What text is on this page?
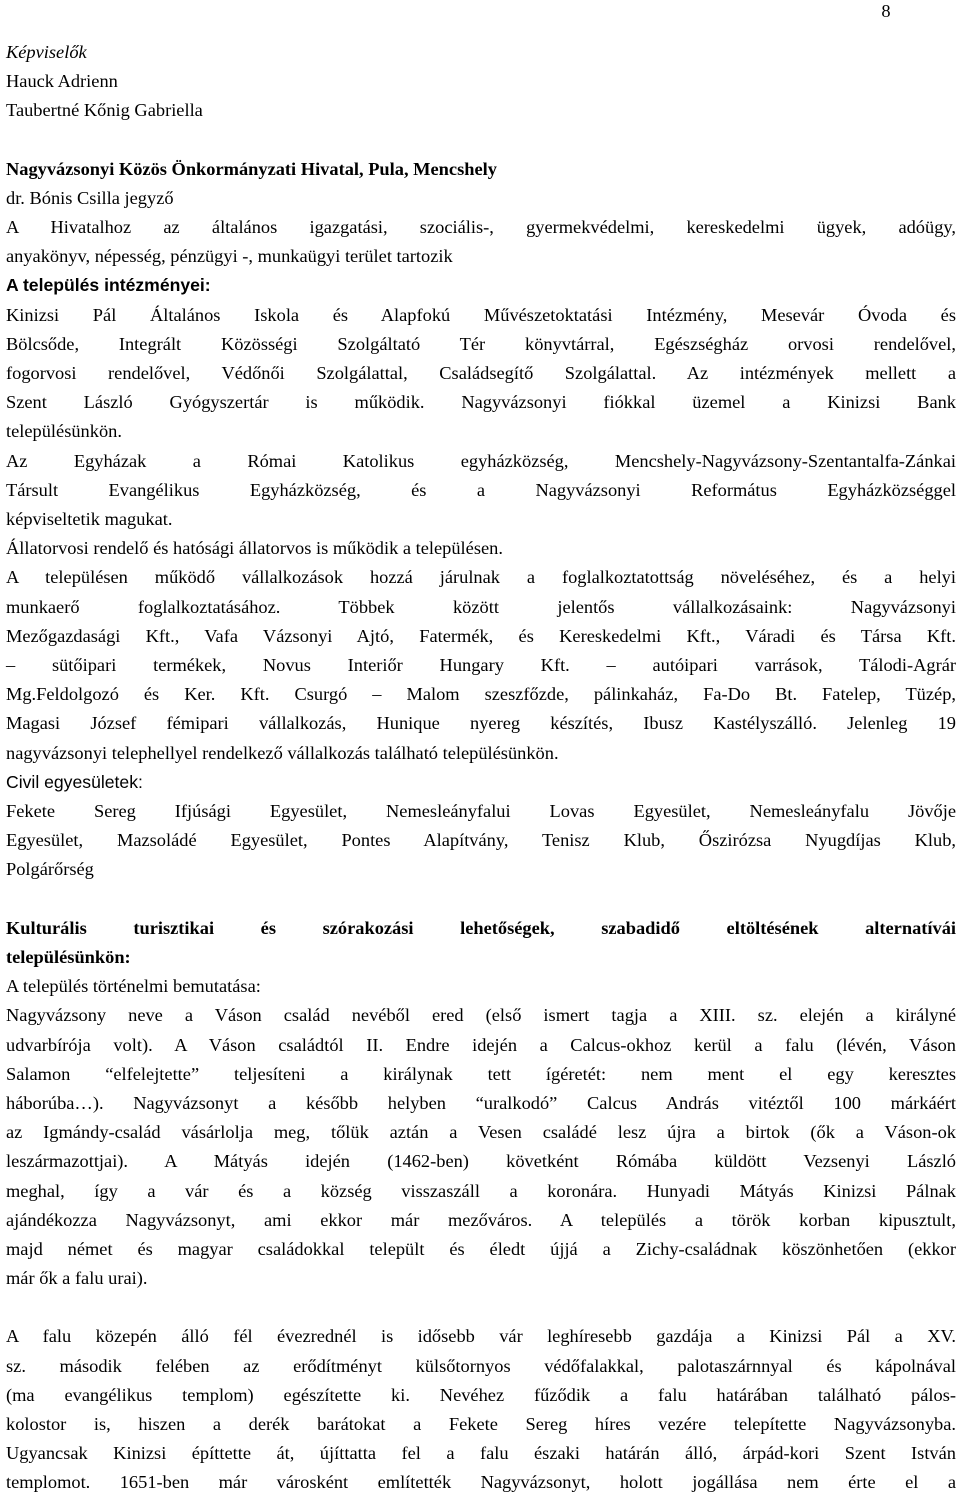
8
Képviselők
Hauck Adrienn
Taubertné Kőnig Gabriella
Nagyvázsonyi Közös Önkormányzati Hivatal, Pula, Mencshely
dr. Bónis Csilla jegyző
A Hivatalhoz az általános igazgatási, szociális-, gyermekvédelmi, kereskedelmi ügyek, adóügy,
anyakönyv, népesség, pénzügyi -, munkaügyi terület tartozik
A település intézményei:
Kinizsi Pál Általános Iskola és Alapfokú Művészetoktatási Intézmény, Mesevár Óvoda és
Bölcsőde, Integrált Közösségi Szolgáltató Tér könyvtárral, Egészségház orvosi rendelővel,
fogorvosi rendelővel, Védőnői Szolgálattal, Családsegítő Szolgálattal. Az intézmények mellett a
Szent László Gyógyszertár is működik. Nagyvázsonyi fiókkal üzemel a Kinizsi Bank
településünkön.
Az Egyházak a Római Katolikus egyházközség, Mencshely-Nagyvázsony-Szentantalfa-Zánkai
Társult Evangélikus Egyházközség, és a Nagyvázsonyi Református Egyházközséggel
képviseltetik magukat.
Állatorvosi rendelő és hatósági állatorvos is működik a településen.
A településen működő vállalkozások hozzá járulnak a foglalkoztatottság növeléséhez, és a helyi
munkaerő foglalkoztatásához. Többek között jelentős vállalkozásaink: Nagyvázsonyi
Mezőgazdasági Kft., Vafa Vázsonyi Ajtó, Fatermék, és Kereskedelmi Kft., Váradi és Társa Kft.
– sütőipari termékek, Novus Interiőr Hungary Kft. – autóipari varrások, Tálodi-Agrár
Mg.Feldolgozó és Ker. Kft. Csurgó – Malom szeszfőzde, pálinkaház, Fa-Do Bt. Fatelep, Tüzép,
Magasi József fémipari vállalkozás, Hunique nyereg készítés, Ibusz Kastélyszálló. Jelenleg 19
nagyvázsonyi telephellyel rendelkező vállalkozás található településünkön.
Civil egyesületek:
Fekete Sereg Ifjúsági Egyesület, Nemesleányfalui Lovas Egyesület, Nemesleányfalu Jövője
Egyesület, Mazsoládé Egyesület, Pontes Alapítvány, Tenisz Klub, Őszirózsa Nyugdíjas Klub,
Polgárőrség
Kulturális turisztikai és szórakozási lehetőségek, szabadidő eltöltésének alternatívái
településünkön:
A település történelmi bemutatása:
Nagyvázsony neve a Váson család nevéből ered (első ismert tagja a XIII. sz. elején a királyné
udvarbírója volt). A Váson családtól II. Endre idején a Calcus-okhoz kerül a falu (lévén, Váson
Salamon “elfelejtette” teljesíteni a királynak tett ígéretét: nem ment el egy keresztes
háborúba…). Nagyvázsonyt a később helyben “uralkodó” Calcus András vitéztől 100 márkáért
az Igmándy-család vásárlolja meg, tőlük aztán a Vesen családé lesz újra a birtok (ők a Váson-ok
leszármazottjai). A Mátyás idején (1462-ben) követként Rómába küldött Vezsenyi László
meghal, így a vár és a község visszaszáll a koronára. Hunyadi Mátyás Kinizsi Pálnak
ajándékozza Nagyvázsonyt, ami ekkor már mezőváros. A település a török korban kipusztult,
majd német és magyar családokkal települt és éledt újjá a Zichy-családnak köszönhetően (ekkor
már ők a falu urai).
A falu közepén álló fél évezrednél is idősebb vár leghíresebb gazdája a Kinizsi Pál a XV.
sz. második felében az erődítményt külsőtornyos védőfalakkal, palotaszárnnyal és kápolnával
(ma evangélikus templom) egészítette ki. Nevéhez fűződik a falu határában található pálos-
kolostor is, hiszen a derék barátokat a Fekete Sereg híres vezére telepítette Nagyvázsonyba.
Ugyancsak Kinizsi építtette át, újíttatta fel a falu északi határán álló, árpád-kori Szent István
templomot. 1651-ben már városként említették Nagyvázsonyt, holott jogállása nem érte el a
